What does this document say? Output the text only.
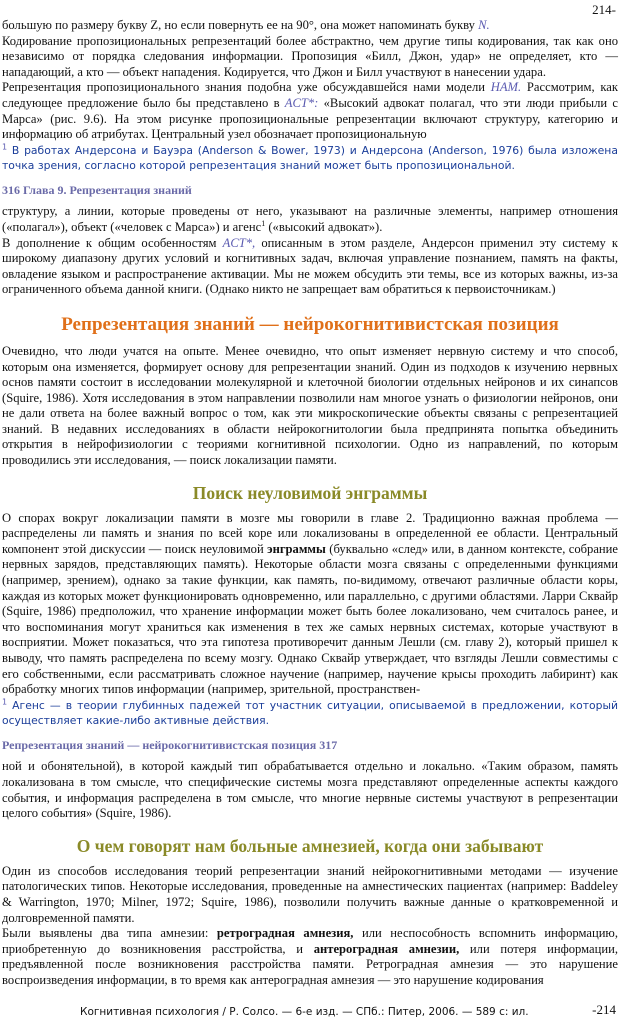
214-

большую по размеру букву Z, но если повернуть ее на 90°, она может напоминать букву N.

Кодирование пропозициональных репрезентаций более абстрактно, чем другие типы кодирования, так как оно независимо от порядка следования информации. Пропозиция «Билл, Джон, удар» не определяет, кто — нападающий, а кто — объект нападения. Кодируется, что Джон и Билл участвуют в нанесении удара.

Репрезентация пропозиционального знания подобна уже обсуждавшейся нами модели HAM. Рассмотрим, как следующее предложение было бы представлено в ACT*: «Высокий адвокат полагал, что эти люди прибыли с Марса» (рис. 9.6). На этом рисунке пропозициональные репрезентации включают структуру, категорию и информацию об атрибутах. Центральный узел обозначает пропозициональную

$^1$ В работах Андерсона и Бауэра (Anderson & Bower, 1973) и Андерсона (Anderson, 1976) была изложена точка зрения, согласно которой репрезентация знаний может быть пропозициональной.

316 Глава 9. Репрезентация знаний

структуру, а линии, которые проведены от него, указывают на различные элементы, например отношения («полагал»), объект («человек с Марса») и агенс$^1$ («высокий адвокат»).

В дополнение к общим особенностям ACT*, описанным в этом разделе, Андерсон применил эту систему к широкому диапазону других условий и когнитивных задач, включая управление познанием, память на факты, овладение языком и распространение активации. Мы не можем обсудить эти темы, все из которых важны, из-за ограниченного объема данной книги. (Однако никто не запрещает вам обратиться к первоисточникам.)

Репрезентация знаний — нейрокогнитивистская позиция

Очевидно, что люди учатся на опыте. Менее очевидно, что опыт изменяет нервную систему и что способ, которым она изменяется, формирует основу для репрезентации знаний. Один из подходов к изучению нервных основ памяти состоит в исследовании молекулярной и клеточной биологии отдельных нейронов и их синапсов (Squire, 1986). Хотя исследования в этом направлении позволили нам многое узнать о физиологии нейронов, они не дали ответа на более важный вопрос о том, как эти микроскопические объекты связаны с репрезентацией знаний. В недавних исследованиях в области нейрокогнитологии была предпринята попытка объединить открытия в нейрофизиологии с теориями когнитивной психологии. Одно из направлений, по которым проводились эти исследования, — поиск локализации памяти.

Поиск неуловимой энграммы

О спорах вокруг локализации памяти в мозге мы говорили в главе 2. Традиционно важная проблема — распределены ли память и знания по всей коре или локализованы в определенной ее области. Центральный компонент этой дискуссии — поиск неуловимой энграммы (буквально «след» или, в данном контексте, собрание нервных зарядов, представляющих память). Некоторые области мозга связаны с определенными функциями (например, зрением), однако за такие функции, как память, по-видимому, отвечают различные области коры, каждая из которых может функционировать одновременно, или параллельно, с другими областями. Ларри Сквайр (Squire, 1986) предположил, что хранение информации может быть более локализовано, чем считалось ранее, и что воспоминания могут храниться как изменения в тех же самых нервных системах, которые участвуют в восприятии. Может показаться, что эта гипотеза противоречит данным Лешли (см. главу 2), который пришел к выводу, что память распределена по всему мозгу. Однако Сквайр утверждает, что взгляды Лешли совместимы с его собственными, если рассматривать сложное научение (например, научение крысы проходить лабиринт) как обработку многих типов информации (например, зрительной, пространствен-

$^1$ Агенс — в теории глубинных падежей тот участник ситуации, описываемой в предложении, который осуществляет какие-либо активные действия.

Репрезентация знаний — нейрокогнитивистская позиция 317

ной и обонятельной), в которой каждый тип обрабатывается отдельно и локально. «Таким образом, память локализована в том смысле, что специфические системы мозга представляют определенные аспекты каждого события, и информация распределена в том смысле, что многие нервные системы участвуют в репрезентации целого события» (Squire, 1986).

О чем говорят нам больные амнезией, когда они забывают

Один из способов исследования теорий репрезентации знаний нейрокогнитивными методами — изучение патологических типов. Некоторые исследования, проведенные на амнестических пациентах (например: Baddeley & Warrington, 1970; Milner, 1972; Squire, 1986), позволили получить важные данные о кратковременной и долговременной памяти.

Были выявлены два типа амнезии: ретроградная амнезия, или неспособность вспомнить информацию, приобретенную до возникновения расстройства, и антероградная амнезии, или потеря информации, предъявленной после возникновения расстройства памяти. Ретроградная амнезия — это нарушение воспроизведения информации, в то время как антероградная амнезия — это нарушение кодирования

Когнитивная психология / Р. Солсо. — 6-е изд. — СПб.: Питер, 2006. — 589 с: ил.	-214
